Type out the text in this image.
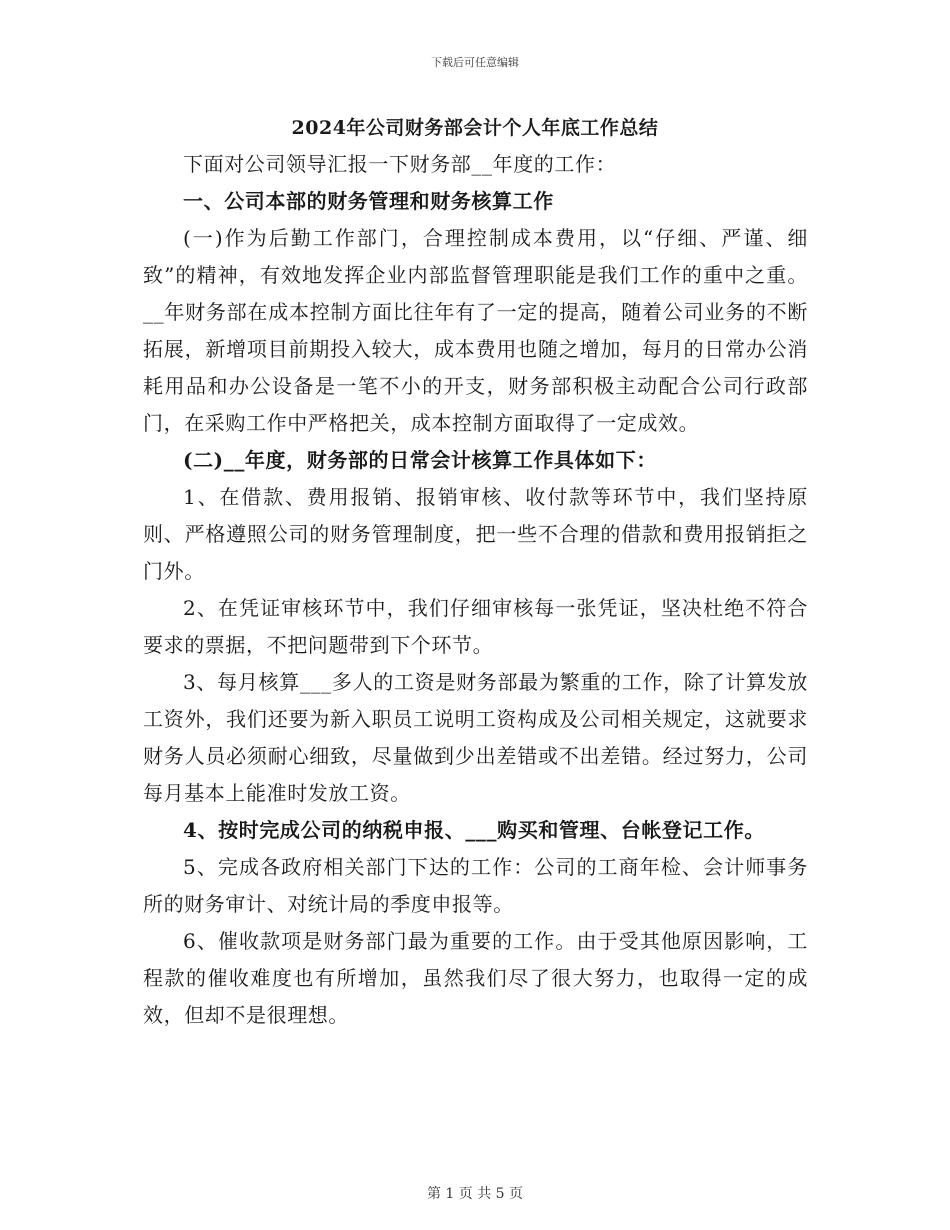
下载后可任意编辑
2024年公司财务部会计个人年底工作总结

下面对公司领导汇报一下财务部__年度的工作：

一、公司本部的财务管理和财务核算工作

(一)作为后勤工作部门，合理控制成本费用，以“仔细、严谨、细致”的精神，有效地发挥企业内部监督管理职能是我们工作的重中之重。__年财务部在成本控制方面比往年有了一定的提高，随着公司业务的不断拓展，新增项目前期投入较大，成本费用也随之增加，每月的日常办公消耗用品和办公设备是一笔不小的开支，财务部积极主动配合公司行政部门，在采购工作中严格把关，成本控制方面取得了一定成效。

(二)__年度，财务部的日常会计核算工作具体如下：

1、在借款、费用报销、报销审核、收付款等环节中，我们坚持原则、严格遵照公司的财务管理制度，把一些不合理的借款和费用报销拒之门外。

2、在凭证审核环节中，我们仔细审核每一张凭证，坚决杜绝不符合要求的票据，不把问题带到下个环节。

3、每月核算___多人的工资是财务部最为繁重的工作，除了计算发放工资外，我们还要为新入职员工说明工资构成及公司相关规定，这就要求财务人员必须耐心细致，尽量做到少出差错或不出差错。经过努力，公司每月基本上能准时发放工资。

4、按时完成公司的纳税申报、___购买和管理、台帐登记工作。

5、完成各政府相关部门下达的工作：公司的工商年检、会计师事务所的财务审计、对统计局的季度申报等。

6、催收款项是财务部门最为重要的工作。由于受其他原因影响，工程款的催收难度也有所增加，虽然我们尽了很大努力，也取得一定的成效，但却不是很理想。

第 1 页 共 5 页
